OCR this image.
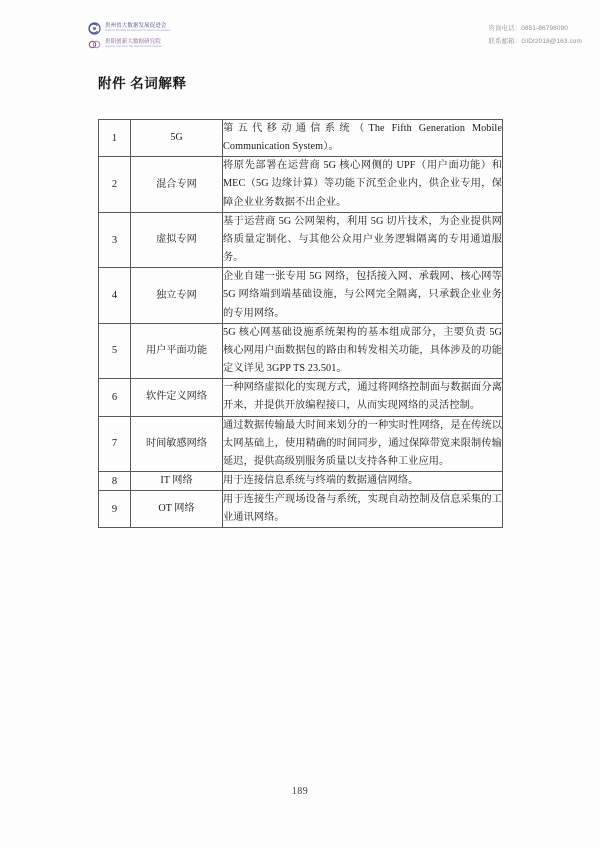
贵州省大数据发展促进会
Guizhou Big Data Development Promotion Association
贵阳创新大数据研究院
Guiyang Innovation Big Data Research Institute
咨询电话：0851-86798090
联系邮箱：GIDI2018@163.com
附件 名词解释
1	5G	第五代移动通信系统（The Fifth Generation Mobile Communication System）。
2	混合专网	将原先部署在运营商 5G 核心网侧的 UPF（用户面功能）和 MEC（5G 边缘计算）等功能下沉至企业内，供企业专用，保障企业业务数据不出企业。
3	虚拟专网	基于运营商 5G 公网架构，利用 5G 切片技术，为企业提供网络质量定制化、与其他公众用户业务逻辑隔离的专用通道服务。
4	独立专网	企业自建一张专用 5G 网络，包括接入网、承载网、核心网等 5G 网络端到端基础设施，与公网完全隔离，只承载企业业务的专用网络。
5	用户平面功能	5G 核心网基础设施系统架构的基本组成部分，主要负责 5G 核心网用户面数据包的路由和转发相关功能，具体涉及的功能定义详见 3GPP TS 23.501。
6	软件定义网络	一种网络虚拟化的实现方式，通过将网络控制面与数据面分离开来，并提供开放编程接口，从而实现网络的灵活控制。
7	时间敏感网络	通过数据传输最大时间来划分的一种实时性网络，是在传统以太网基础上，使用精确的时间同步，通过保障带宽来限制传输延迟，提供高级别服务质量以支持各种工业应用。
8	IT 网络	用于连接信息系统与终端的数据通信网络。
9	OT 网络	用于连接生产现场设备与系统，实现自动控制及信息采集的工业通讯网络。
189
